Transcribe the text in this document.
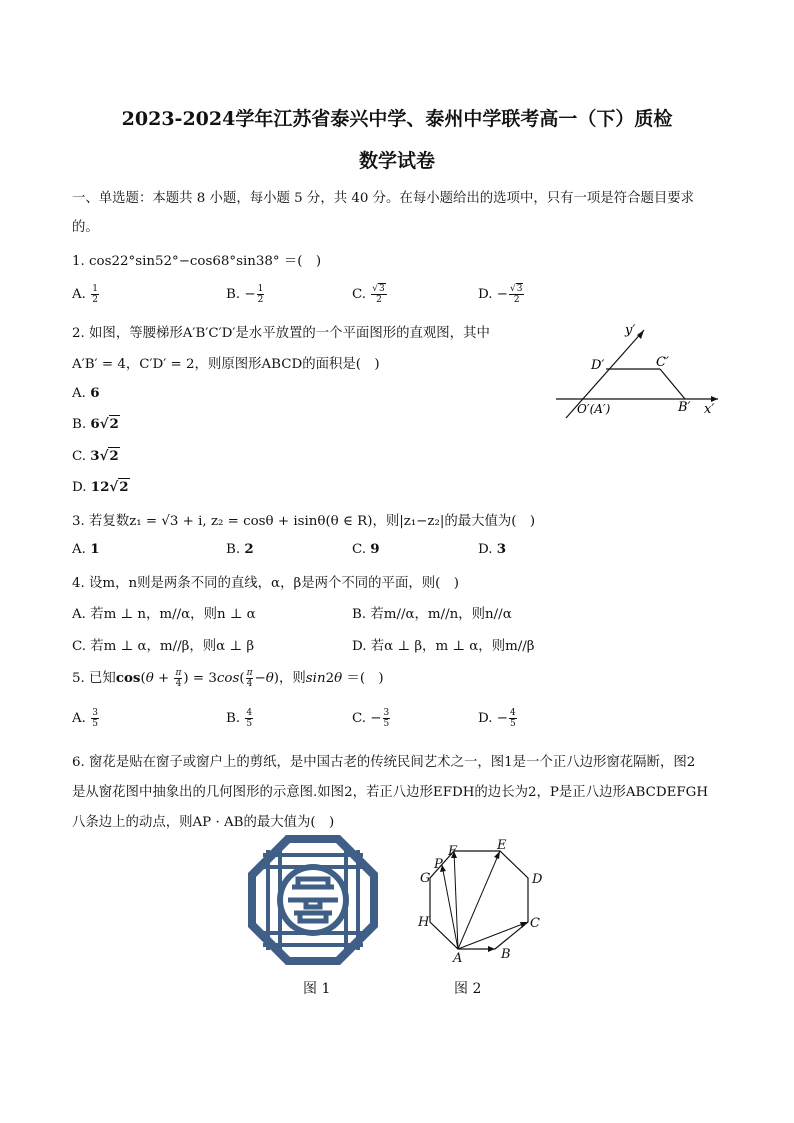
2023-2024学年江苏省泰兴中学、泰州中学联考高一（下）质检
数学试卷
一、单选题：本题共 8 小题，每小题 5 分，共 40 分。在每小题给出的选项中，只有一项是符合题目要求
的。
1. cos22°sin52°−cos68°sin38° ＝(　)
A. $\frac{1}{2}$	B. − $\frac{1}{2}$	C. $\frac{√3}{2}$	D. − $\frac{√3}{2}$
2. 如图，等腰梯形A′B′C′D′是水平放置的一个平面图形的直观图，其中
A′B′ = 4，C′D′ = 2，则原图形ABCD的面积是(　)
A. 6
B. 6√2
C. 3√2
D. 12√2
y′
x′
D′	C′
O′(A′)	B′
3. 若复数z₁ = √3 + i, z₂ = cosθ + isinθ(θ ∈ R)，则|z₁−z₂|的最大值为(　)
A. 1	B. 2	C. 9	D. 3
4. 设m，n则是两条不同的直线，α，β是两个不同的平面，则(　)
A. 若m ⊥ n，m//α，则n ⊥ α	B. 若m//α，m//n，则n//α
C. 若m ⊥ α，m//β，则α ⊥ β	D. 若α ⊥ β，m ⊥ α，则m//β
5. 已知$\cos(\theta + \frac{\pi}{4}$ ) = $3\cos( \frac{\pi}{4} -\theta)$，则sin2θ ＝(　)
A. $\frac{3}{5}$	B. $\frac{4}{5}$	C. − $\frac{3}{5}$	D. − $\frac{4}{5}$
6. 窗花是贴在窗子或窗户上的剪纸，是中国古老的传统民间艺术之一，图1是一个正八边形窗花隔断，图2
是从窗花图中抽象出的几何图形的示意图.如图2，若正八边形EFDH的边长为2，P是正八边形ABCDEFGH
八条边上的动点，则AP · AB的最大值为(　)
F	E
D
C
B
A
H
G
P
图 1	图 2
